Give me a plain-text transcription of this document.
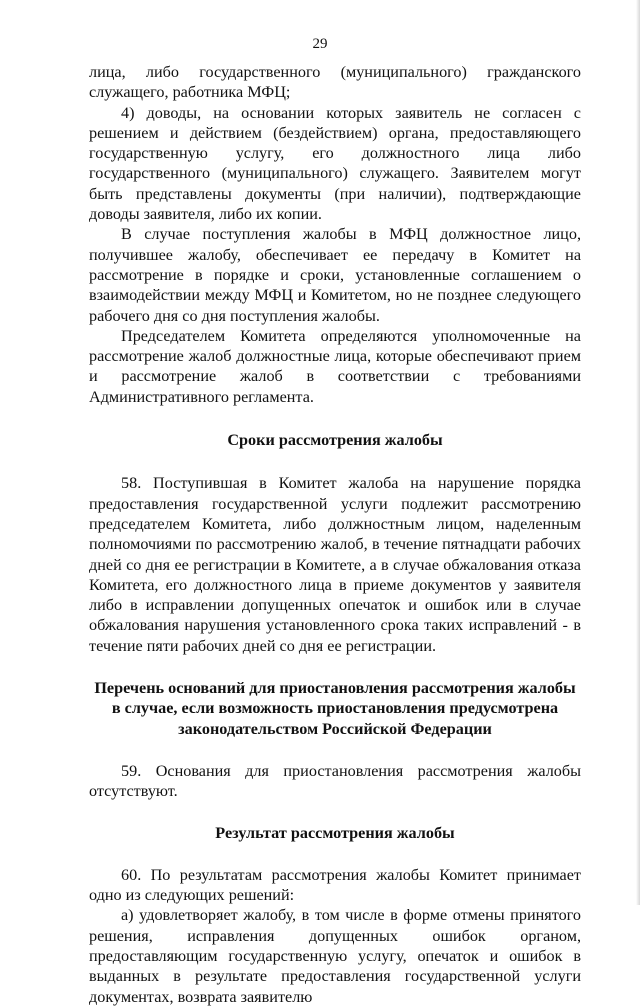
29

лица, либо государственного (муниципального) гражданского служащего, работника МФЦ;

4) доводы, на основании которых заявитель не согласен с решением и действием (бездействием) органа, предоставляющего государственную услугу, его должностного лица либо государственного (муниципального) служащего. Заявителем могут быть представлены документы (при наличии), подтверждающие доводы заявителя, либо их копии.

В случае поступления жалобы в МФЦ должностное лицо, получившее жалобу, обеспечивает ее передачу в Комитет на рассмотрение в порядке и сроки, установленные соглашением о взаимодействии между МФЦ и Комитетом, но не позднее следующего рабочего дня со дня поступления жалобы.

Председателем Комитета определяются уполномоченные на рассмотрение жалоб должностные лица, которые обеспечивают прием и рассмотрение жалоб в соответствии с требованиями Административного регламента.

Сроки рассмотрения жалобы

58. Поступившая в Комитет жалоба на нарушение порядка предоставления государственной услуги подлежит рассмотрению председателем Комитета, либо должностным лицом, наделенным полномочиями по рассмотрению жалоб, в течение пятнадцати рабочих дней со дня ее регистрации в Комитете, а в случае обжалования отказа Комитета, его должностного лица в приеме документов у заявителя либо в исправлении допущенных опечаток и ошибок или в случае обжалования нарушения установленного срока таких исправлений - в течение пяти рабочих дней со дня ее регистрации.

Перечень оснований для приостановления рассмотрения жалобы в случае, если возможность приостановления предусмотрена законодательством Российской Федерации

59. Основания для приостановления рассмотрения жалобы отсутствуют.

Результат рассмотрения жалобы

60. По результатам рассмотрения жалобы Комитет принимает одно из следующих решений:

а) удовлетворяет жалобу, в том числе в форме отмены принятого решения, исправления допущенных ошибок органом, предоставляющим государственную услугу, опечаток и ошибок в выданных в результате предоставления государственной услуги документах, возврата заявителю
